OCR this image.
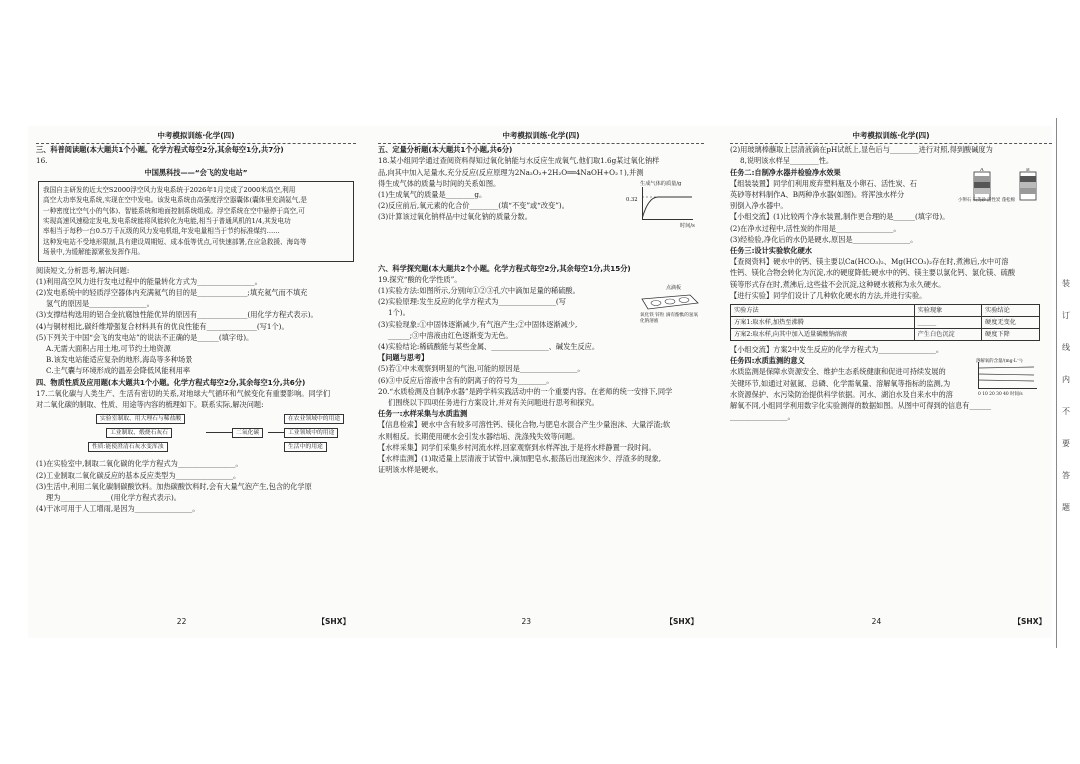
中考模拟训练·化学(四)

三、科普阅读题(本大题共1个小题。化学方程式每空2分,其余每空1分,共7分)

16.

中国黑科技——“会飞的发电站”

我国自主研发的近太空S2000浮空风力发电系统于2026年1月完成了2000米高空,利用

高空大功率发电系统,实现在空中发电。该发电系统由高强度浮空器囊体(囊体里充满氦气,是

一种密度比空气小的气体)、智能系统和地面控制系统组成。浮空系统在空中悬停于高空,可

实现高速风速稳定发电,发电系统能将风能转化为电能,相当于普通风机的1/4,其发电功

率相当于每秒一台0.5万千瓦级的风力发电机组,年发电量相当于节约标准煤约……

这种发电站不受地形限制,具有建设周期短、成本低等优点,可快速部署,在应急救援、海岛等

场景中,为缓解能源紧张发挥作用。

阅读短文,分析思考,解决问题:

(1)利用高空风力进行发电过程中的能量转化方式为________________。

(2)发电系统中的轻质浮空器体内充满氦气的目的是______________;填充氦气而不填充

氢气的原因是________________。

(3)支撑结构选用的铝合金抗腐蚀性能优异的原因有______________(用化学方程式表示)。

(4)与铜材相比,碳纤维增强复合材料具有的优良性能有______________(写1个)。

(5)下列关于中国“会飞的发电站”的说法不正确的是______(填字母)。

A.无需大面积占用土地,可节约土地资源

B.该发电站能适应复杂的地形,海岛等多种场景

C.主气囊与环境形成的温差会降低风能利用率

四、物质性质及应用题(本大题共1个小题。化学方程式每空2分,其余每空1分,共6分)

17.二氧化碳与人类生产、生活有密切的关系,对地球大气循环和气候变化有重要影响。同学们

对二氧化碳的制取、性质、用途等内容的梳理如下。联系实际,解决问题:

实验室制取、用大理石与稀盐酸
工业制取、煅烧石灰石
性质:能使澄清石灰水变浑浊
二氧化碳
在农业领域中的用途
工业领域中的用途
生活中的用途

(1)在实验室中,制取二氧化碳的化学方程式为________________。

(2)工业制取二氧化碳反应的基本反应类型为________________。

(3)生活中,利用二氧化碳制碳酸饮料。加热碳酸饮料时,会有大量气泡产生,包含的化学原

理为______________(用化学方程式表示)。

(4)干冰可用于人工增雨,是因为________________。

22	【SHX】
中考模拟训练·化学(四)

五、定量分析题(本大题共1个小题,共6分)

18.某小组同学通过查阅资料得知过氧化钠能与水反应生成氧气,他们取1.6g某过氧化钠样

品,向其中加入足量水,充分反应(反应原理为2Na₂O₂+2H₂O══4NaOH+O₂↑),并测

得生成气体的质量与时间的关系如图。

(1)生成氧气的质量是________g。

(2)反应前后,氧元素的化合价________(填“不变”或“改变”)。

(3)计算该过氧化钠样品中过氧化钠的质量分数。

生成气体的质量/g
0.32
时间/s

六、科学探究题(本大题共2个小题。化学方程式每空2分,其余每空1分,共15分)

19.探究“酸的化学性质”。

(1)实验方法:如图所示,分别向①②③孔穴中滴加足量的稀硫酸。

(2)实验原理:发生反应的化学方程式为________________(写

1个)。

(3)实验现象:①中固体逐渐减少,有气泡产生;②中固体逐渐减少,

______;③中溶液由红色逐渐变为无色。

(4)实验结论:稀硫酸能与某些金属、________________、碱发生反应。

点滴板
氧化铁 锌粒 滴有酚酞的氢氧化钠溶液

【问题与思考】

(5)若①中未观察到明显的气泡,可能的原因是________________。

(6)③中反应后溶液中含有的阴离子的符号为________。

20.“水质检测及自制净水器”是跨学科实践活动中的一个重要内容。在老师的统一安排下,同学

们围绕以下四项任务进行方案设计,并对有关问题进行思考和探究。

任务一:水样采集与水质监测

【信息检索】硬水中含有较多可溶性钙、镁化合物,与肥皂水混合产生少量泡沫、大量浮渣;软

水则相反。长期使用硬水会引发水器结垢、洗涤残失效等问题。

【水样采集】同学们采集乡村河流水样,回家观察到水样浑浊,于是将水样静置一段时间。

【水样监测】(1)取适量上层清液于试管中,滴加肥皂水,振荡后出现泡沫少、浮渣多的现象,

证明该水样是硬水。

23	【SHX】
中考模拟训练·化学(四)

(2)用玻璃棒蘸取上层清液滴在pH试纸上,显色后与________进行对照,得到酸碱度为

8,说明该水样呈________性。

任务二:自制净水器并检验净水效果

【组装装置】同学们利用废弃塑料瓶及小卵石、活性炭、石

英砂等材料制作A、B两种净水器(如图)。将浑浊水样分

别倒入净水器中。

A	B
小卵石 石英砂 活性炭 蓬松棉

【小组交流】(1)比较两个净水装置,制作更合理的是______(填字母)。

(2)在净水过程中,活性炭的作用是________________。

(3)经检验,净化后的水仍是硬水,原因是________________。

任务三:设计实验软化硬水

【查阅资料】硬水中的钙、镁主要以Ca(HCO₃)₂、Mg(HCO₃)₂存在时,煮沸后,水中可溶

性钙、镁化合物会转化为沉淀,水的硬度降低;硬水中的钙、镁主要以氯化钙、氯化镁、硫酸

镁等形式存在时,煮沸后,这些盐不会沉淀,这种硬水被称为永久硬水。

【进行实验】同学们设计了几种软化硬水的方法,并进行实验。

实验方法	实验现象	实验结论
方案1:取水样,加热至沸腾	______	硬度无变化
方案2:取水样,向其中加入适量碳酸钠溶液	产生白色沉淀	硬度下降

【小组交流】方案2中发生反应的化学方程式为________________。

任务四:水质监测的意义

水质监测是保障水资源安全、维护生态系统健康和促进可持续发展的

关键环节,如通过对氨氮、总磷、化学需氧量、溶解氧等指标的监测,为

水资源保护、水污染防治提供科学依据。河水、湖泊水及自来水中的溶

解氧不同,小组同学利用数字化实验测得的数据如图。从图中可得到的信息有______

________________。

溶解氧的含量/(mg·L⁻¹)
0 10 20 30 40 时间/s
24	【SHX】
装
订
线
内
不
要
答
题
